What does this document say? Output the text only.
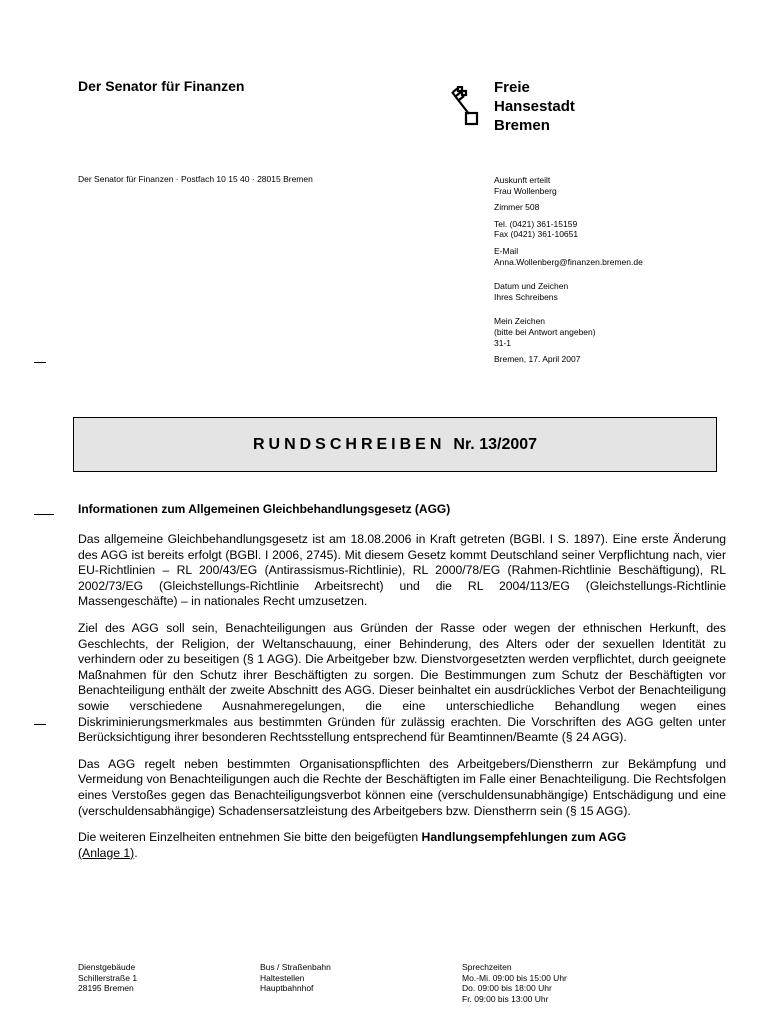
Der Senator für Finanzen	Freie
Hansestadt
Bremen
Der Senator für Finanzen · Postfach 10 15 40 · 28015 Bremen	Auskunft erteilt
Frau Wollenberg
Zimmer 508
Tel. (0421) 361-15159
Fax (0421) 361-10651
E-Mail
Anna.Wollenberg@finanzen.bremen.de
Datum und Zeichen
Ihres Schreibens
Mein Zeichen
(bitte bei Antwort angeben)
31-1
Bremen, 17. April 2007
RUNDSCHREIBEN Nr. 13/2007
Informationen zum Allgemeinen Gleichbehandlungsgesetz (AGG)

Das allgemeine Gleichbehandlungsgesetz ist am 18.08.2006 in Kraft getreten (BGBl. I S. 1897). Eine erste Änderung des AGG ist bereits erfolgt (BGBl. I 2006, 2745). Mit diesem Gesetz kommt Deutschland seiner Verpflichtung nach, vier EU-Richtlinien – RL 200/43/EG (Antirassismus-Richtlinie), RL 2000/78/EG (Rahmen-Richtlinie Beschäftigung), RL 2002/73/EG (Gleichstellungs-Richtlinie Arbeitsrecht) und die RL 2004/113/EG (Gleichstellungs-Richtlinie Massengeschäfte) – in nationales Recht umzusetzen.

Ziel des AGG soll sein, Benachteiligungen aus Gründen der Rasse oder wegen der ethnischen Herkunft, des Geschlechts, der Religion, der Weltanschauung, einer Behinderung, des Alters oder der sexuellen Identität zu verhindern oder zu beseitigen (§ 1 AGG). Die Arbeitgeber bzw. Dienstvorgesetzten werden verpflichtet, durch geeignete Maßnahmen für den Schutz ihrer Beschäftigten zu sorgen. Die Bestimmungen zum Schutz der Beschäftigten vor Benachteiligung enthält der zweite Abschnitt des AGG. Dieser beinhaltet ein ausdrückliches Verbot der Benachteiligung sowie verschiedene Ausnahmeregelungen, die eine unterschiedliche Behandlung wegen eines Diskriminierungsmerkmales aus bestimmten Gründen für zulässig erachten. Die Vorschriften des AGG gelten unter Berücksichtigung ihrer besonderen Rechtsstellung entsprechend für Beamtinnen/Beamte (§ 24 AGG).

Das AGG regelt neben bestimmten Organisationspflichten des Arbeitgebers/Dienstherrn zur Bekämpfung und Vermeidung von Benachteiligungen auch die Rechte der Beschäftigten im Falle einer Benachteiligung. Die Rechtsfolgen eines Verstoßes gegen das Benachteiligungsverbot können eine (verschuldensunabhängige) Entschädigung und eine (verschuldensabhängige) Schadensersatzleistung des Arbeitgebers bzw. Dienstherrn sein (§ 15 AGG).

Die weiteren Einzelheiten entnehmen Sie bitte den beigefügten Handlungsempfehlungen zum AGG
(Anlage 1).

Dienstgebäude
Schillerstraße 1
28195 Bremen
Bus / Straßenbahn
Haltestellen
Hauptbahnhof
Sprechzeiten
Mo.-Mi. 09:00 bis 15:00 Uhr
Do. 09:00 bis 18:00 Uhr
Fr. 09:00 bis 13:00 Uhr
